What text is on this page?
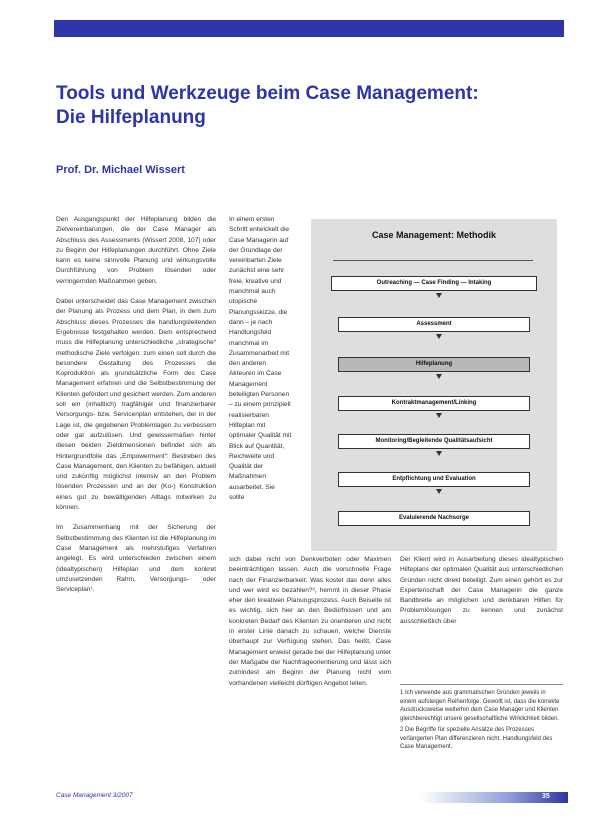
Tools und Werkzeuge beim Case Management:
Die Hilfeplanung
Prof. Dr. Michael Wissert

Den Ausgangspunkt der Hilfeplanung bilden die Zielvereinbarungen, die der Case Manager als Abschluss des Assessments (Wissert 2008, 107) oder zu Beginn der Hilfeplanungen durchführt. Ohne Ziele kann es keine sinnvolle Planung und wirkungsvolle Durchführung von Problem lösenden oder verringernden Maßnahmen geben.

Dabei unterscheidet das Case Management zwischen der Planung als Prozess und dem Plan, in dem zum Abschluss dieses Prozesses die handlungsleitenden Ergebnisse festgehalten werden. Dem entsprechend muss die Hilfeplanung unterschiedliche „strategische“ methodische Ziele verfolgen: zum einen soll durch die besondere Gestaltung des Prozesses die Koproduktion als grundsätzliche Form des Case Management erfahren und die Selbstbestimmung der Klienten gefördert und gesichert werden. Zum anderen soll ein (inhaltlich) tragfähiger und finanzierbarer Versorgungs- bzw. Servicenplan entstehen, der in der Lage ist, die gegebenen Problemlagen zu verbessern oder gar aufzulösen. Und gewissermaßen hinter diesen beiden Zieldimensionen befindet sich als Hintergrundfolie das „Empowerment“: Bestreben des Case Management, den Klienten zu befähigen, aktuell und zukünftig möglichst intensiv an den Problem lösenden Prozessen und an der (Ko-) Konstruktion eines gut zu bewältigenden Alltags mitwirken zu können.

Im Zusammenhang mit der Sicherung der Selbstbestimmung des Klienten ist die Hilfeplanung im Case Management als mehrstufiges Verfahren angelegt. Es wird unterschieden zwischen einem (idealtypischen) Hilfeplan und dem konkret umzusetzenden Rahm, Versorgungs- oder Serviceplan¹.

In einem ersten Schritt entwickelt die Case Managerin auf der Grundlage der vereinbarten Ziele zunächst eine sehr freie, kreative und manchmal auch utopische Planungsskizze, die dann – je nach Handlungsfeld manchmal im Zusammenarbeit mit den anderen Akteuren im Case Management beteiligten Personen – zu einem prinzipiell realisierbaren Hilfeplan mit optimaler Qualität mit Blick auf Quantität, Reichweite und Qualität der Maßnahmen ausarbeitet. Sie sollte

sich dabei nicht von Denkverboten oder Maximen beeinträchtigen lassen. Auch die vorschnelle Frage nach der Finanzierbarkeit: Was kostet das denn alles und wer wird es bezahlen?², hemmt in dieser Phase eher den kreativen Planungsprozess. Auch Beiseite ist es wichtig, sich hier an den Bedürfnissen und am konkreten Bedarf des Klienten zu orientieren und nicht in erster Linie danach zu schauen, welche Dienste überhaupt zur Verfügung stehen. Das heißt, Case Management erweist gerade bei der Hilfeplanung unter der Maßgabe der Nachfrageorientierung und lässt sich zumindest am Beginn der Planung nicht vom vorhandenen vielleicht dürftigen Angebot leiten.

Der Klient wird in Ausarbeitung dieses idealtypischen Hilfeplans der optimalen Qualität aus unterschiedlichen Gründen nicht direkt beteiligt. Zum einen gehört es zur Expertenschaft der Case Managerin die ganze Bandbreite an möglichen und denkbaren Hilfen für Problemlösungen zu kennen und zunächst ausschließlich über

Case Management: Methodik
Outreaching — Case Finding — Intaking
Assessment
Hilfeplanung
Kontraktmanagement/Linking
Monitoring/Begleitende Qualitätsaufsicht
Entpflichtung und Evaluation
Evaluierende Nachsorge
1 Ich verwende aus grammatischen Gründen jeweils in einem aufsteigen Reihenfolge. Gewollt ist, dass die korrekte Ausdrucksweise weiterhin dem Case Manager und Klienten gleichberechtigt unsere gesellschaftliche Wirklichkeit bilden.
2 Die Begriffe für spezielle Ansätze des Prozesses verlängerten Plan differenzieren nicht. Handlungsfeld des Case Management.
Case Management 3/2007	35
